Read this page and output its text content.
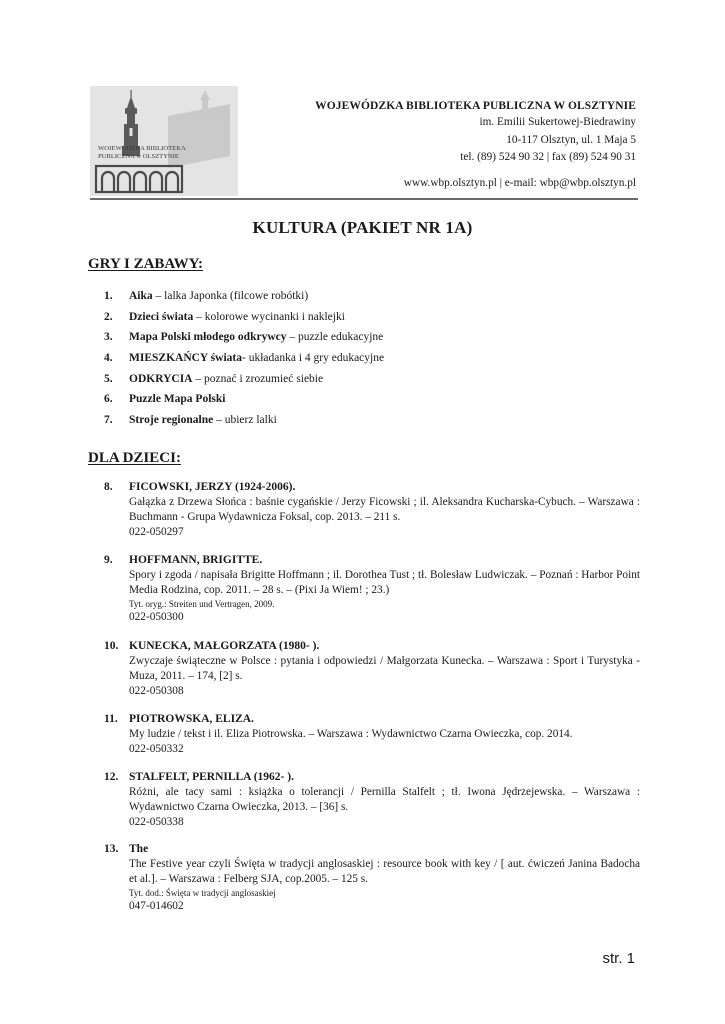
WOJEWÓDZKA BIBLIOTEKA
PUBLICZNA w OLSZTYNIE
WOJEWÓDZKA BIBLIOTEKA PUBLICZNA W OLSZTYNIE
im. Emilii Sukertowej-Biedrawiny
10-117 Olsztyn, ul. 1 Maja 5
tel. (89) 524 90 32 | fax (89) 524 90 31
www.wbp.olsztyn.pl | e-mail: wbp@wbp.olsztyn.pl
KULTURA (PAKIET NR 1A)
GRY I ZABAWY:
1.	Aika – lalka Japonka (filcowe robótki)
2.	Dzieci świata – kolorowe wycinanki i naklejki
3.	Mapa Polski młodego odkrywcy – puzzle edukacyjne
4.	MIESZKAŃCY świata- układanka i 4 gry edukacyjne
5.	ODKRYCIA – poznać i zrozumieć siebie
6.	Puzzle Mapa Polski
7.	Stroje regionalne – ubierz lalki
DLA DZIECI:
8. FICOWSKI, JERZY (1924-2006).
Gałązka z Drzewa Słońca : baśnie cygańskie / Jerzy Ficowski ; il. Aleksandra Kucharska-Cybuch. – Warszawa : Buchmann - Grupa Wydawnicza Foksal, cop. 2013. – 211 s.
022-050297
9. HOFFMANN, BRIGITTE.
Spory i zgoda / napisała Brigitte Hoffmann ; il. Dorothea Tust ; tł. Bolesław Ludwiczak. – Poznań : Harbor Point Media Rodzina, cop. 2011. – 28 s. – (Pixi Ja Wiem! ; 23.)
Tyt. oryg.: Streiten und Vertragen, 2009.
022-050300
10. KUNECKA, MAŁGORZATA (1980- ).
Zwyczaje świąteczne w Polsce : pytania i odpowiedzi / Małgorzata Kunecka. – Warszawa : Sport i Turystyka - Muza, 2011. – 174, [2] s.
022-050308
11. PIOTROWSKA, ELIZA.
My ludzie / tekst i il. Eliza Piotrowska. – Warszawa : Wydawnictwo Czarna Owieczka, cop. 2014.
022-050332
12. STALFELT, PERNILLA (1962- ).
Różni, ale tacy sami : książka o tolerancji / Pernilla Stalfelt ; tł. Iwona Jędrzejewska. – Warszawa : Wydawnictwo Czarna Owieczka, 2013. – [36] s.
022-050338
13. The
The Festive year czyli Święta w tradycji anglosaskiej : resource book with key / [ aut. ćwiczeń Janina Badocha et al.]. – Warszawa : Felberg SJA, cop.2005. – 125 s.
Tyt. dod.: Święta w tradycji anglosaskiej
047-014602
str. 1
